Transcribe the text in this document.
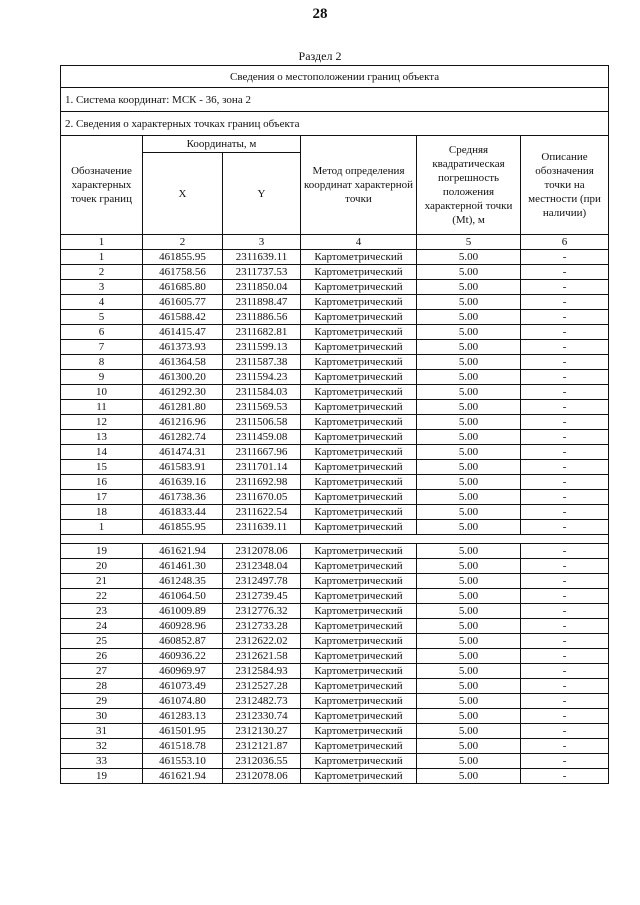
28
Раздел 2
Сведения о местоположении границ объекта					
1. Система координат: МСК - 36, зона 2					
2. Сведения о характерных точках границ объекта					
Обозначение характерных точек границ	Координаты, м		Метод определения координат характерной точки	Средняя квадратическая погрешность положения характерной точки (Mt), м	Описание обозначения точки на местности (при наличии)
	X	Y			
1	2	3	4	5	6
1	461855.95	2311639.11	Картометрический	5.00	-
2	461758.56	2311737.53	Картометрический	5.00	-
3	461685.80	2311850.04	Картометрический	5.00	-
4	461605.77	2311898.47	Картометрический	5.00	-
5	461588.42	2311886.56	Картометрический	5.00	-
6	461415.47	2311682.81	Картометрический	5.00	-
7	461373.93	2311599.13	Картометрический	5.00	-
8	461364.58	2311587.38	Картометрический	5.00	-
9	461300.20	2311594.23	Картометрический	5.00	-
10	461292.30	2311584.03	Картометрический	5.00	-
11	461281.80	2311569.53	Картометрический	5.00	-
12	461216.96	2311506.58	Картометрический	5.00	-
13	461282.74	2311459.08	Картометрический	5.00	-
14	461474.31	2311667.96	Картометрический	5.00	-
15	461583.91	2311701.14	Картометрический	5.00	-
16	461639.16	2311692.98	Картометрический	5.00	-
17	461738.36	2311670.05	Картометрический	5.00	-
18	461833.44	2311622.54	Картометрический	5.00	-
1	461855.95	2311639.11	Картометрический	5.00	-

19	461621.94	2312078.06	Картометрический	5.00	-
20	461461.30	2312348.04	Картометрический	5.00	-
21	461248.35	2312497.78	Картометрический	5.00	-
22	461064.50	2312739.45	Картометрический	5.00	-
23	461009.89	2312776.32	Картометрический	5.00	-
24	460928.96	2312733.28	Картометрический	5.00	-
25	460852.87	2312622.02	Картометрический	5.00	-
26	460936.22	2312621.58	Картометрический	5.00	-
27	460969.97	2312584.93	Картометрический	5.00	-
28	461073.49	2312527.28	Картометрический	5.00	-
29	461074.80	2312482.73	Картометрический	5.00	-
30	461283.13	2312330.74	Картометрический	5.00	-
31	461501.95	2312130.27	Картометрический	5.00	-
32	461518.78	2312121.87	Картометрический	5.00	-
33	461553.10	2312036.55	Картометрический	5.00	-
19	461621.94	2312078.06	Картометрический	5.00	-
